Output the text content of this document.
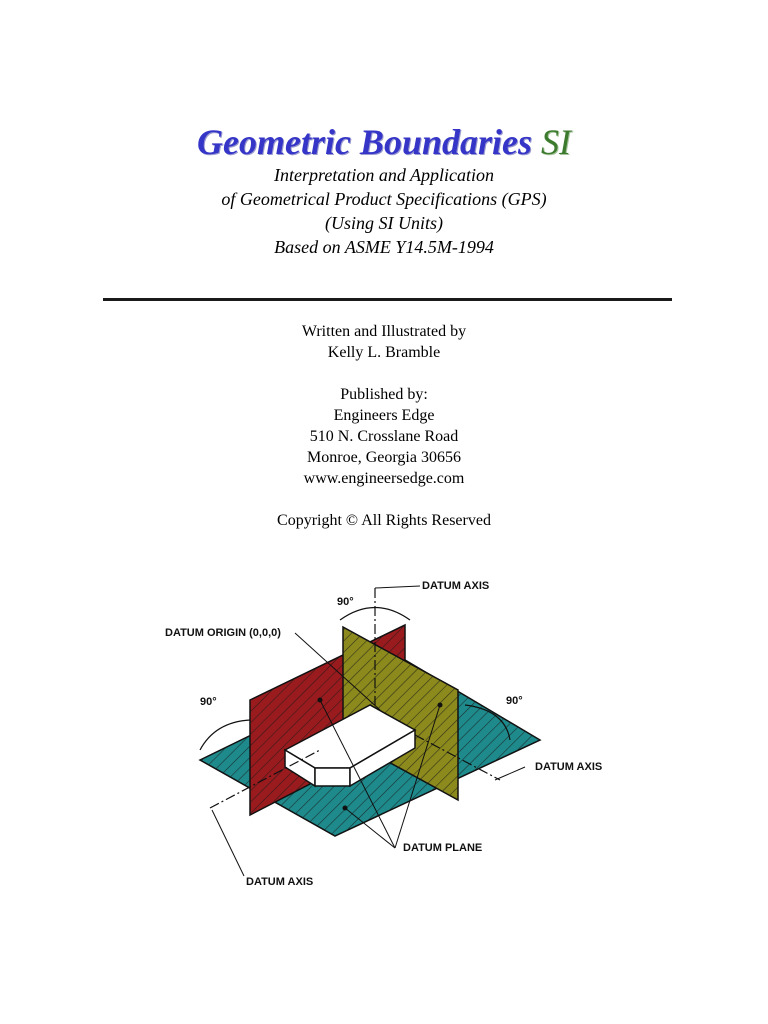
Geometric Boundaries SI
Interpretation and Application
of Geometrical Product Specifications (GPS)
(Using SI Units)
Based on ASME Y14.5M-1994
Written and Illustrated by
Kelly L. Bramble
Published by:
Engineers Edge
510 N. Crosslane Road
Monroe, Georgia 30656
www.engineersedge.com
Copyright © All Rights Reserved
DATUM AXIS
90°
DATUM ORIGIN (0,0,0)
90°	90°
DATUM AXIS
DATUM PLANE
DATUM AXIS
